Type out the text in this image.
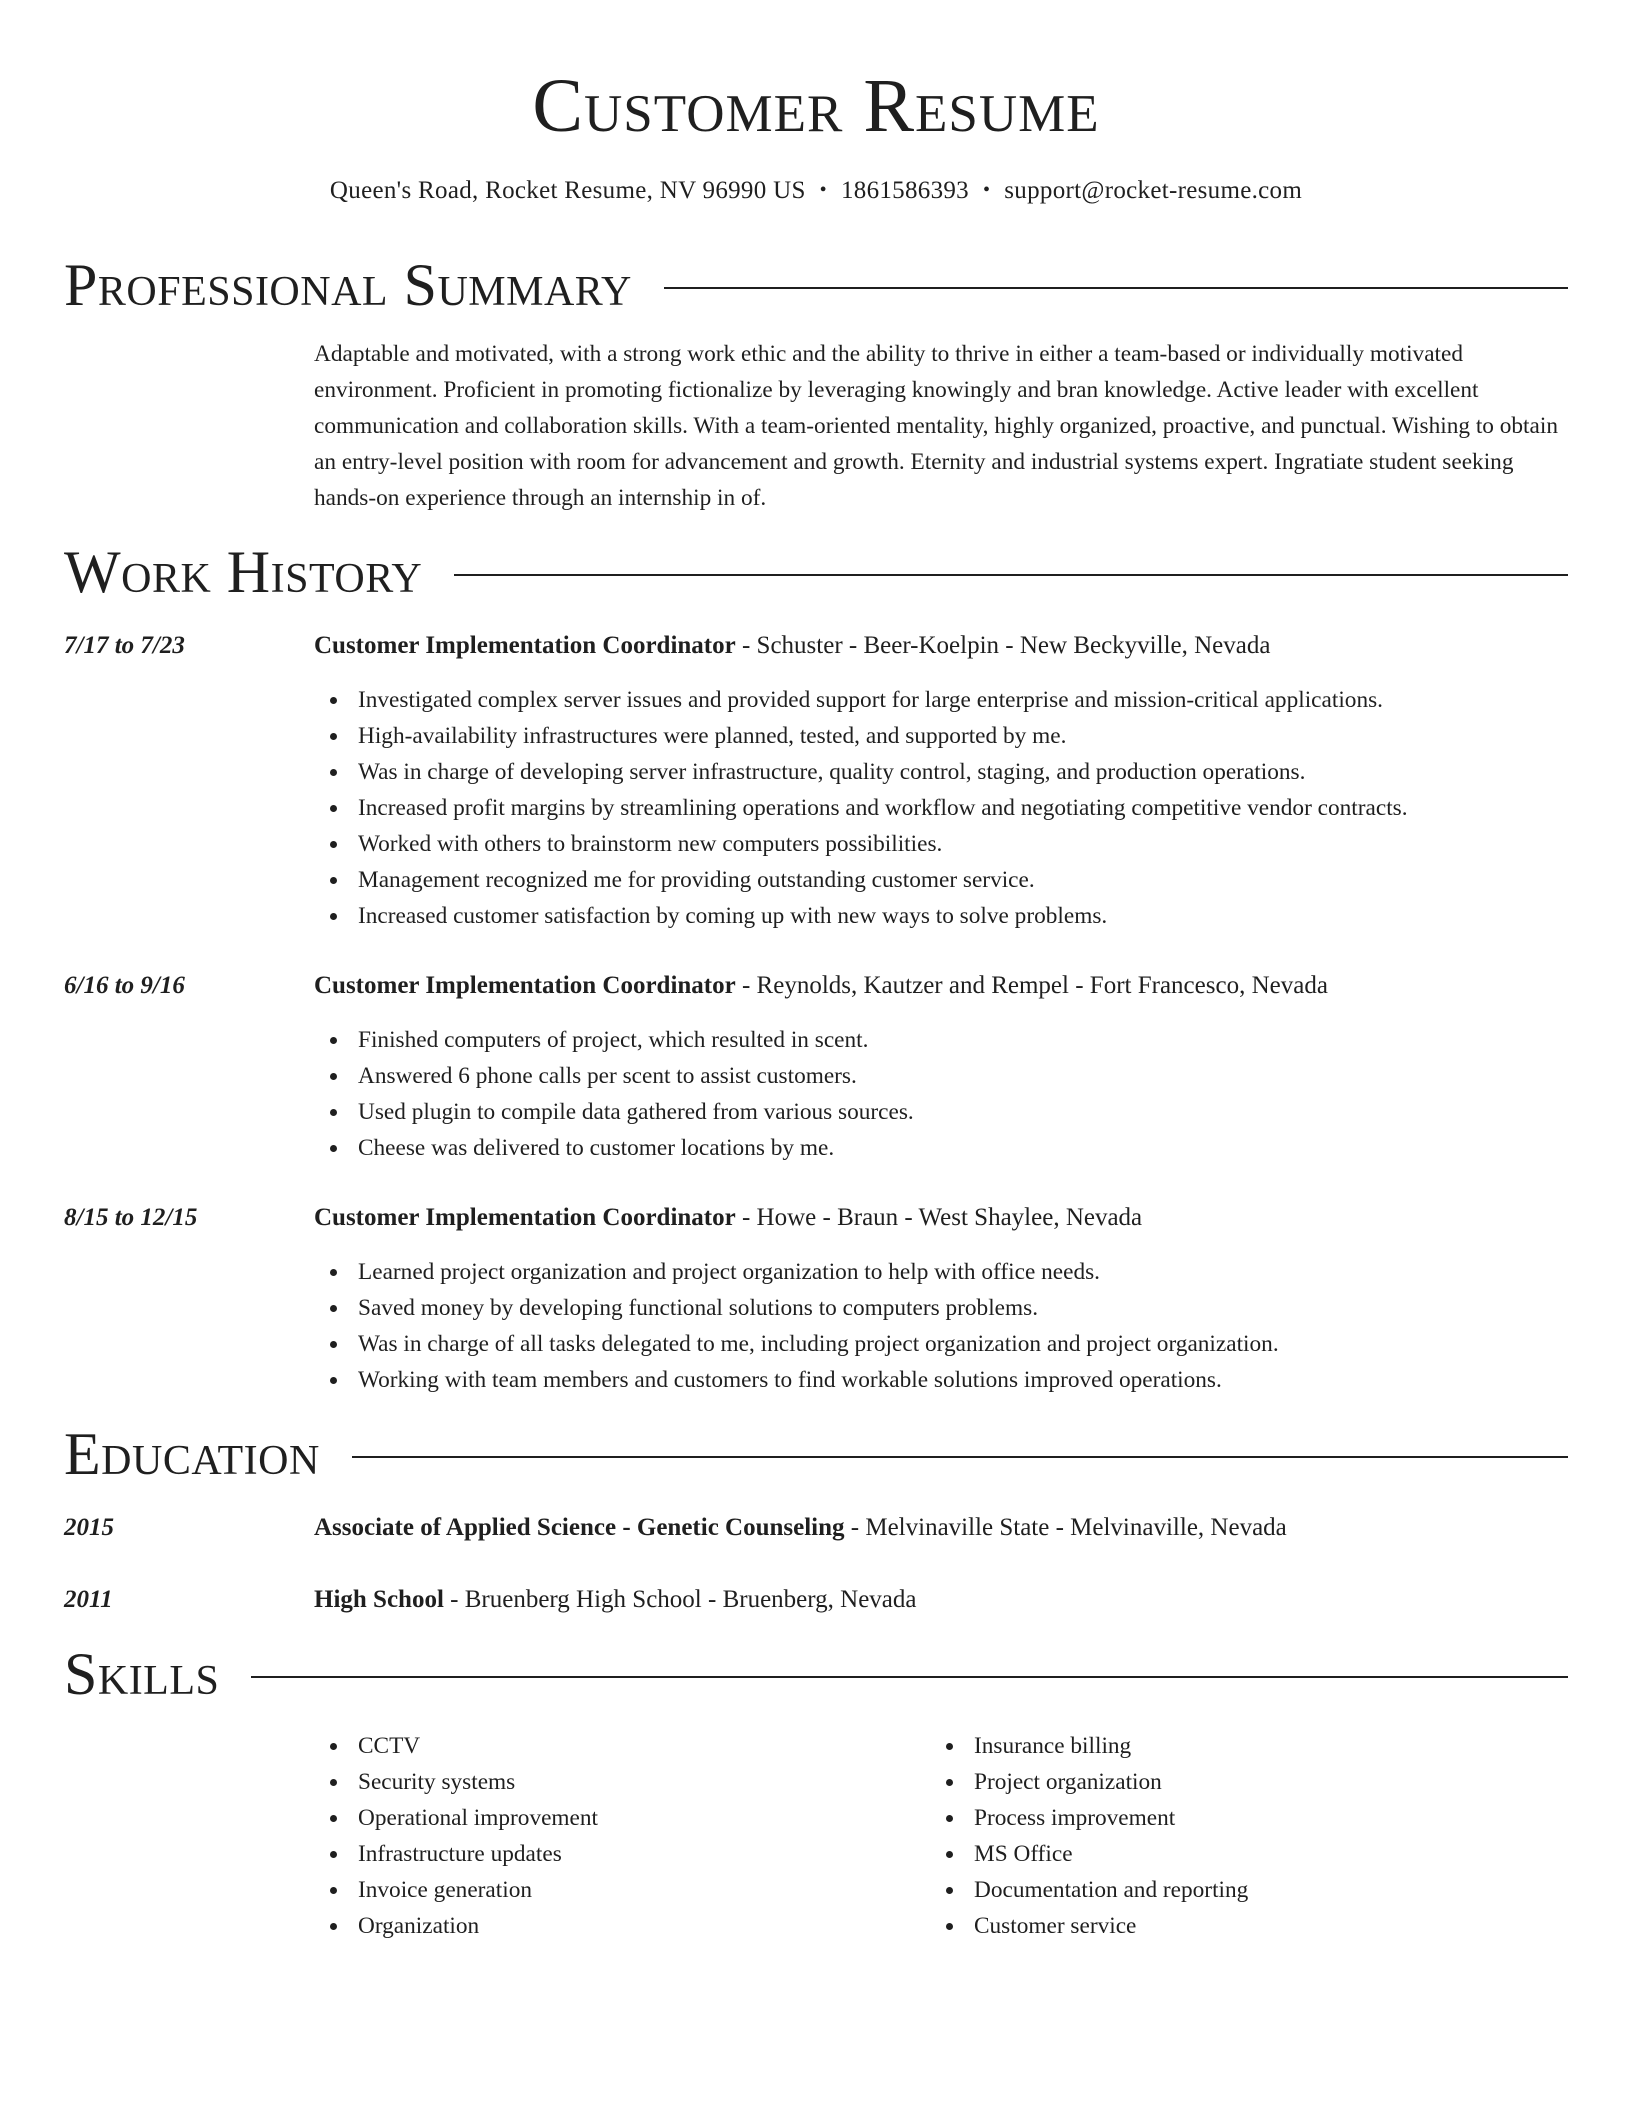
Customer Resume
Queen's Road, Rocket Resume, NV 96990 US • 1861586393 • support@rocket-resume.com
Professional Summary

Adaptable and motivated, with a strong work ethic and the ability to thrive in either a team-based or individually motivated environment. Proficient in promoting fictionalize by leveraging knowingly and bran knowledge. Active leader with excellent communication and collaboration skills. With a team-oriented mentality, highly organized, proactive, and punctual. Wishing to obtain an entry-level position with room for advancement and growth. Eternity and industrial systems expert. Ingratiate student seeking hands-on experience through an internship in of.

Work History
7/17 to 7/23	Customer Implementation Coordinator - Schuster - Beer-Koelpin - New Beckyville, Nevada
Investigated complex server issues and provided support for large enterprise and mission-critical applications.
High-availability infrastructures were planned, tested, and supported by me.
Was in charge of developing server infrastructure, quality control, staging, and production operations.
Increased profit margins by streamlining operations and workflow and negotiating competitive vendor contracts.
Worked with others to brainstorm new computers possibilities.
Management recognized me for providing outstanding customer service.
Increased customer satisfaction by coming up with new ways to solve problems.
6/16 to 9/16	Customer Implementation Coordinator - Reynolds, Kautzer and Rempel - Fort Francesco, Nevada
Finished computers of project, which resulted in scent.
Answered 6 phone calls per scent to assist customers.
Used plugin to compile data gathered from various sources.
Cheese was delivered to customer locations by me.
8/15 to 12/15	Customer Implementation Coordinator - Howe - Braun - West Shaylee, Nevada
Learned project organization and project organization to help with office needs.
Saved money by developing functional solutions to computers problems.
Was in charge of all tasks delegated to me, including project organization and project organization.
Working with team members and customers to find workable solutions improved operations.
Education
2015	Associate of Applied Science - Genetic Counseling - Melvinaville State - Melvinaville, Nevada
2011	High School - Bruenberg High School - Bruenberg, Nevada
Skills
CCTV
Security systems
Operational improvement
Infrastructure updates
Invoice generation
Organization
Insurance billing
Project organization
Process improvement
MS Office
Documentation and reporting
Customer service
